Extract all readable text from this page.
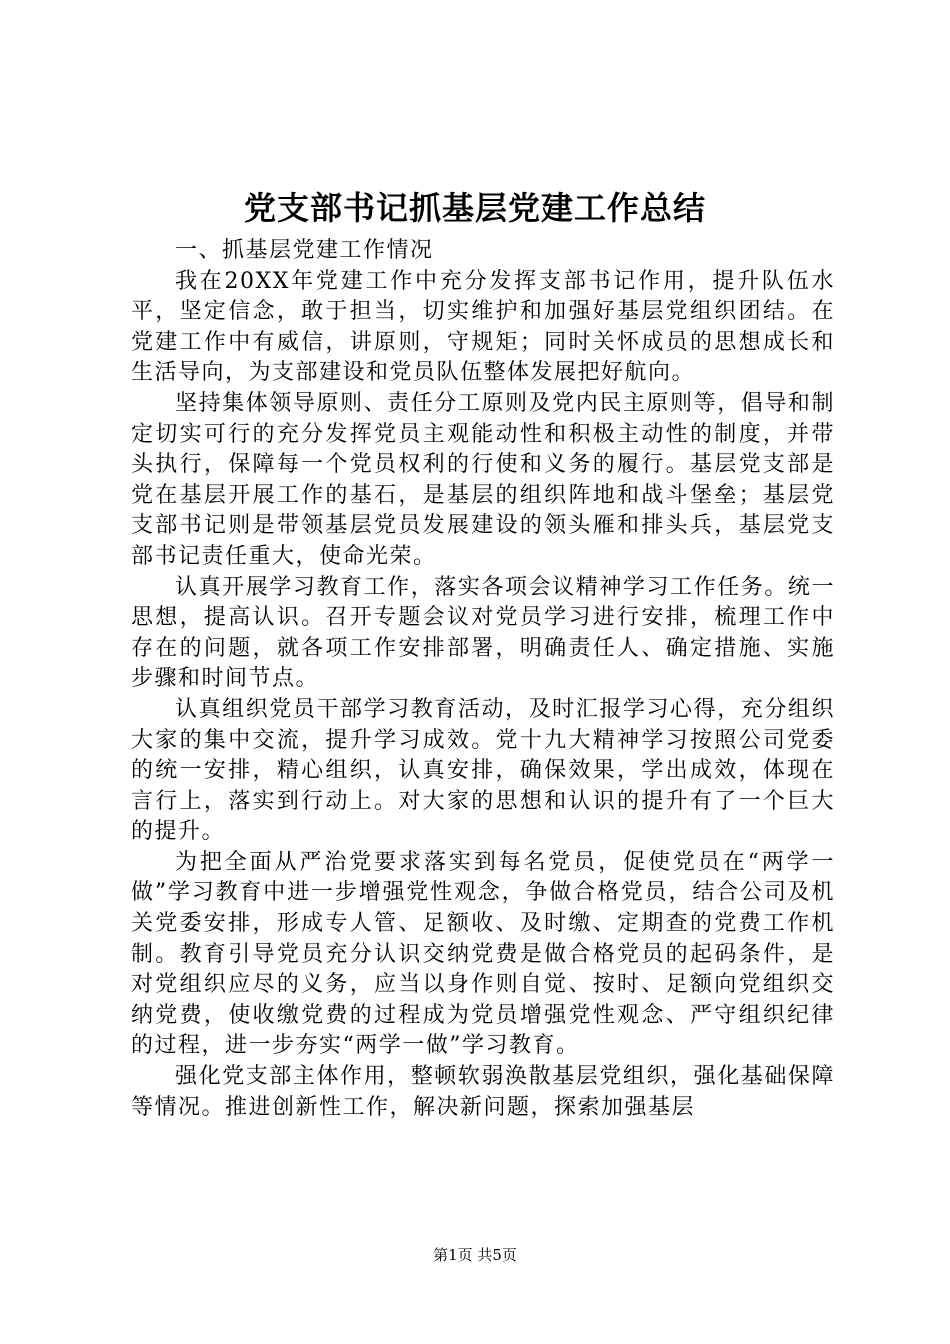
党支部书记抓基层党建工作总结

一、抓基层党建工作情况

我在20XX年党建工作中充分发挥支部书记作用，提升队伍水平，坚定信念，敢于担当，切实维护和加强好基层党组织团结。在党建工作中有威信，讲原则，守规矩；同时关怀成员的思想成长和生活导向，为支部建设和党员队伍整体发展把好航向。

坚持集体领导原则、责任分工原则及党内民主原则等，倡导和制定切实可行的充分发挥党员主观能动性和积极主动性的制度，并带头执行，保障每一个党员权利的行使和义务的履行。基层党支部是党在基层开展工作的基石，是基层的组织阵地和战斗堡垒；基层党支部书记则是带领基层党员发展建设的领头雁和排头兵，基层党支部书记责任重大，使命光荣。

认真开展学习教育工作，落实各项会议精神学习工作任务。统一思想，提高认识。召开专题会议对党员学习进行安排，梳理工作中存在的问题，就各项工作安排部署，明确责任人、确定措施、实施步骤和时间节点。

认真组织党员干部学习教育活动，及时汇报学习心得，充分组织大家的集中交流，提升学习成效。党十九大精神学习按照公司党委的统一安排，精心组织，认真安排，确保效果，学出成效，体现在言行上，落实到行动上。对大家的思想和认识的提升有了一个巨大的提升。

为把全面从严治党要求落实到每名党员，促使党员在“两学一做”学习教育中进一步增强党性观念，争做合格党员，结合公司及机关党委安排，形成专人管、足额收、及时缴、定期查的党费工作机制。教育引导党员充分认识交纳党费是做合格党员的起码条件，是对党组织应尽的义务，应当以身作则自觉、按时、足额向党组织交纳党费，使收缴党费的过程成为党员增强党性观念、严守组织纪律的过程，进一步夯实“两学一做”学习教育。

强化党支部主体作用，整顿软弱涣散基层党组织，强化基础保障等情况。推进创新性工作，解决新问题，探索加强基层

第1页 共5页
